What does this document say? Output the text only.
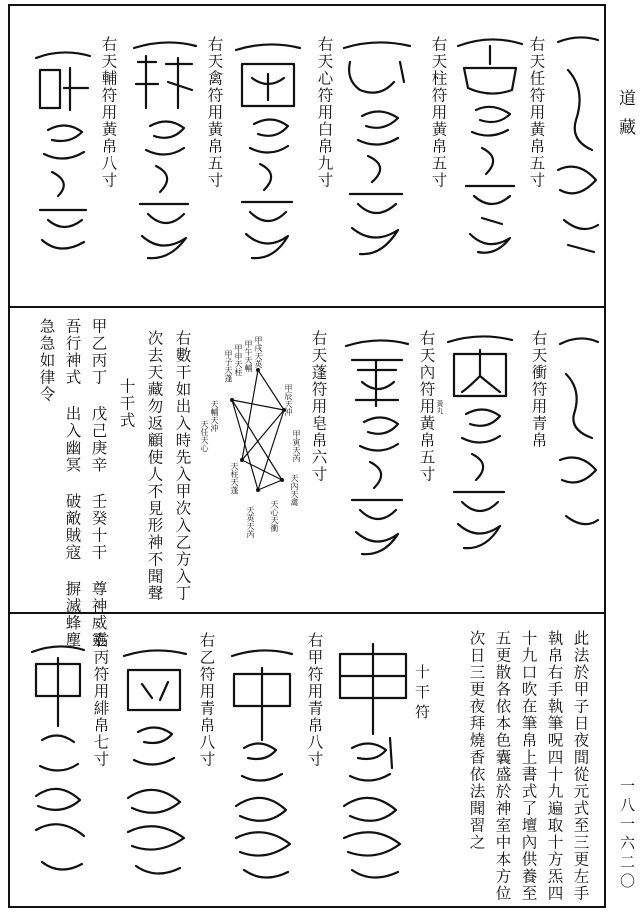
道藏
一八一六二〇
右天任符用黃帛五寸
右天柱符用黃帛五寸
右天心符用白帛九寸
右天禽符用黃帛五寸
右天輔符用黃帛八寸
右天衝符用青帛
黃丸
右天內符用黃帛五寸
右天蓬符用皂帛六寸
甲戌天英
甲午天輔
甲申天柱
甲子天蓬
甲辰天沖
甲寅天芮
天內天禽
天心天衝
天英天芮
天柱天蓬
天輔天沖
天任天心
右數干如出入時先入甲次入乙方入丁
次去天藏勿返顧使人不見形神不聞聲
十干式
甲乙丙丁 戊己庚辛 壬癸十干 尊神威靈
吾行神式 出入幽冥 破敵賊寇 摒滅蜂塵
急急如律令
此法於甲子日夜間從元式至三更左手
執帛右手執筆呪四十九遍取十方炁四
十九口吹在筆帛上書式了壇內供養至
五更散各依本色囊盛於神室中本方位
次日三更夜拜燒香依法聞習之
十干符
右甲符用青帛八寸
右乙符用青帛八寸
右丙符用緋帛七寸
